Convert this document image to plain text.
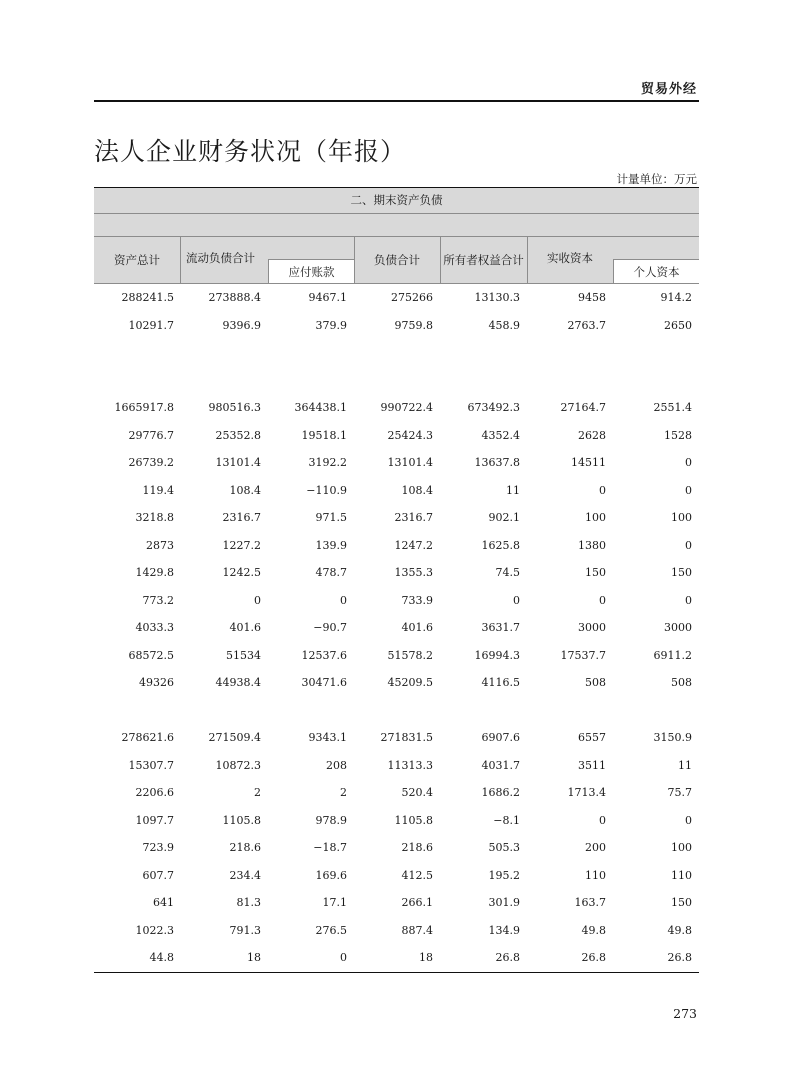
贸易外经
法人企业财务状况（年报）
计量单位：万元
二、期末资产负债
资产总计	流动负债合计
应付账款
负债合计	所有者权益合计	实收资本
个人资本
288241.5	273888.4	9467.1	275266	13130.3	9458	914.2
10291.7	9396.9	379.9	9759.8	458.9	2763.7	2650
1665917.8	980516.3	364438.1	990722.4	673492.3	27164.7	2551.4
29776.7	25352.8	19518.1	25424.3	4352.4	2628	1528
26739.2	13101.4	3192.2	13101.4	13637.8	14511	0
119.4	108.4	−110.9	108.4	11	0	0
3218.8	2316.7	971.5	2316.7	902.1	100	100
2873	1227.2	139.9	1247.2	1625.8	1380	0
1429.8	1242.5	478.7	1355.3	74.5	150	150
773.2	0	0	733.9	0	0	0
4033.3	401.6	−90.7	401.6	3631.7	3000	3000
68572.5	51534	12537.6	51578.2	16994.3	17537.7	6911.2
49326	44938.4	30471.6	45209.5	4116.5	508	508
278621.6	271509.4	9343.1	271831.5	6907.6	6557	3150.9
15307.7	10872.3	208	11313.3	4031.7	3511	11
2206.6	2	2	520.4	1686.2	1713.4	75.7
1097.7	1105.8	978.9	1105.8	−8.1	0	0
723.9	218.6	−18.7	218.6	505.3	200	100
607.7	234.4	169.6	412.5	195.2	110	110
641	81.3	17.1	266.1	301.9	163.7	150
1022.3	791.3	276.5	887.4	134.9	49.8	49.8
44.8	18	0	18	26.8	26.8	26.8
273
